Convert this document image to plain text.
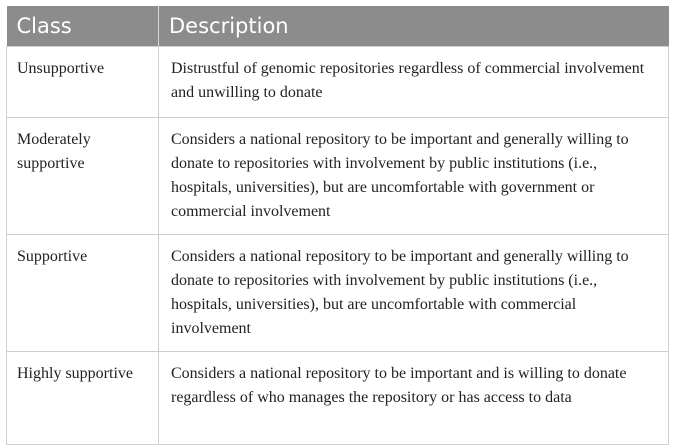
Class	Description
Unsupportive	Distrustful of genomic repositories regardless of commercial involvement and unwilling to donate
Moderately supportive	Considers a national repository to be important and generally willing to donate to repositories with involvement by public institutions (i.e., hospitals, universities), but are uncomfortable with government or commercial involvement
Supportive	Considers a national repository to be important and generally willing to donate to repositories with involvement by public institutions (i.e., hospitals, universities), but are uncomfortable with commercial involvement
Highly supportive	Considers a national repository to be important and is willing to donate regardless of who manages the repository or has access to data
